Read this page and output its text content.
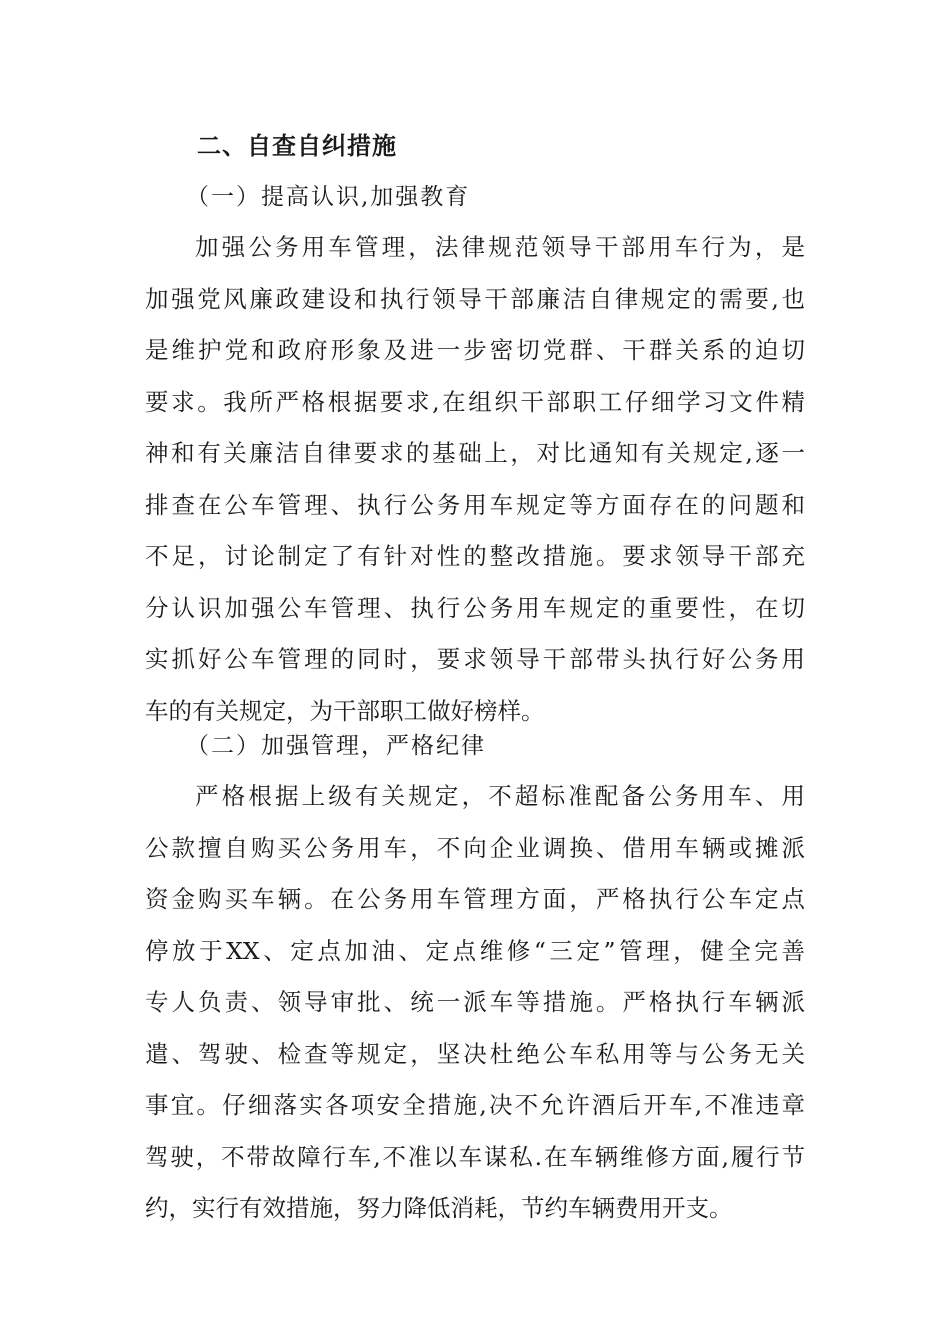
二、自查自纠措施
（一）提高认识,加强教育
加强公务用车管理，法律规范领导干部用车行为，是
加强党风廉政建设和执行领导干部廉洁自律规定的需要,也
是维护党和政府形象及进一步密切党群、干群关系的迫切
要求。我所严格根据要求,在组织干部职工仔细学习文件精
神和有关廉洁自律要求的基础上，对比通知有关规定,逐一
排查在公车管理、执行公务用车规定等方面存在的问题和
不足，讨论制定了有针对性的整改措施。要求领导干部充
分认识加强公车管理、执行公务用车规定的重要性，在切
实抓好公车管理的同时，要求领导干部带头执行好公务用
车的有关规定，为干部职工做好榜样。
（二）加强管理，严格纪律
严格根据上级有关规定，不超标准配备公务用车、用
公款擅自购买公务用车，不向企业调换、借用车辆或摊派
资金购买车辆。在公务用车管理方面，严格执行公车定点
停放于XX、定点加油、定点维修“三定”管理，健全完善
专人负责、领导审批、统一派车等措施。严格执行车辆派
遣、驾驶、检查等规定，坚决杜绝公车私用等与公务无关
事宜。仔细落实各项安全措施,决不允许酒后开车,不准违章
驾驶，不带故障行车,不准以车谋私.在车辆维修方面,履行节
约，实行有效措施，努力降低消耗，节约车辆费用开支。
